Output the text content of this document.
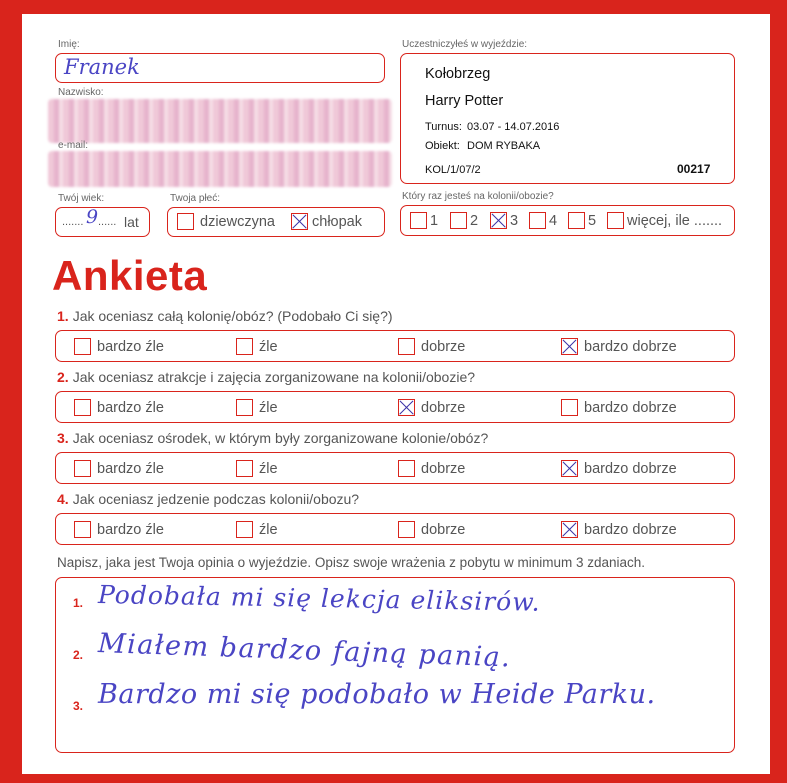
Imię:
Franek
Nazwisko:
e-mail:
Twój wiek:
....... 9 ...... lat
Twoja płeć:
dziewczyna	chłopak
Uczestniczyłeś w wyjeździe:
Kołobrzeg
Harry Potter
Turnus: 03.07 - 14.07.2016
Obiekt: DOM RYBAKA
KOL/1/07/2	00217
Który raz jesteś na kolonii/obozie?
1	2	3	4	5	więcej, ile .......
Ankieta
1. Jak oceniasz całą kolonię/obóz? (Podobało Ci się?)
bardzo źle	źle	dobrze	bardzo dobrze
2. Jak oceniasz atrakcje i zajęcia zorganizowane na kolonii/obozie?
bardzo źle	źle	dobrze	bardzo dobrze
3. Jak oceniasz ośrodek, w którym były zorganizowane kolonie/obóz?
bardzo źle	źle	dobrze	bardzo dobrze
4. Jak oceniasz jedzenie podczas kolonii/obozu?
bardzo źle	źle	dobrze	bardzo dobrze
Napisz, jaka jest Twoja opinia o wyjeździe. Opisz swoje wrażenia z pobytu w minimum 3 zdaniach.
1. Podobała mi się lekcja eliksirów.
2. Miałem bardzo fajną panią.
3. Bardzo mi się podobało w Heide Parku.
